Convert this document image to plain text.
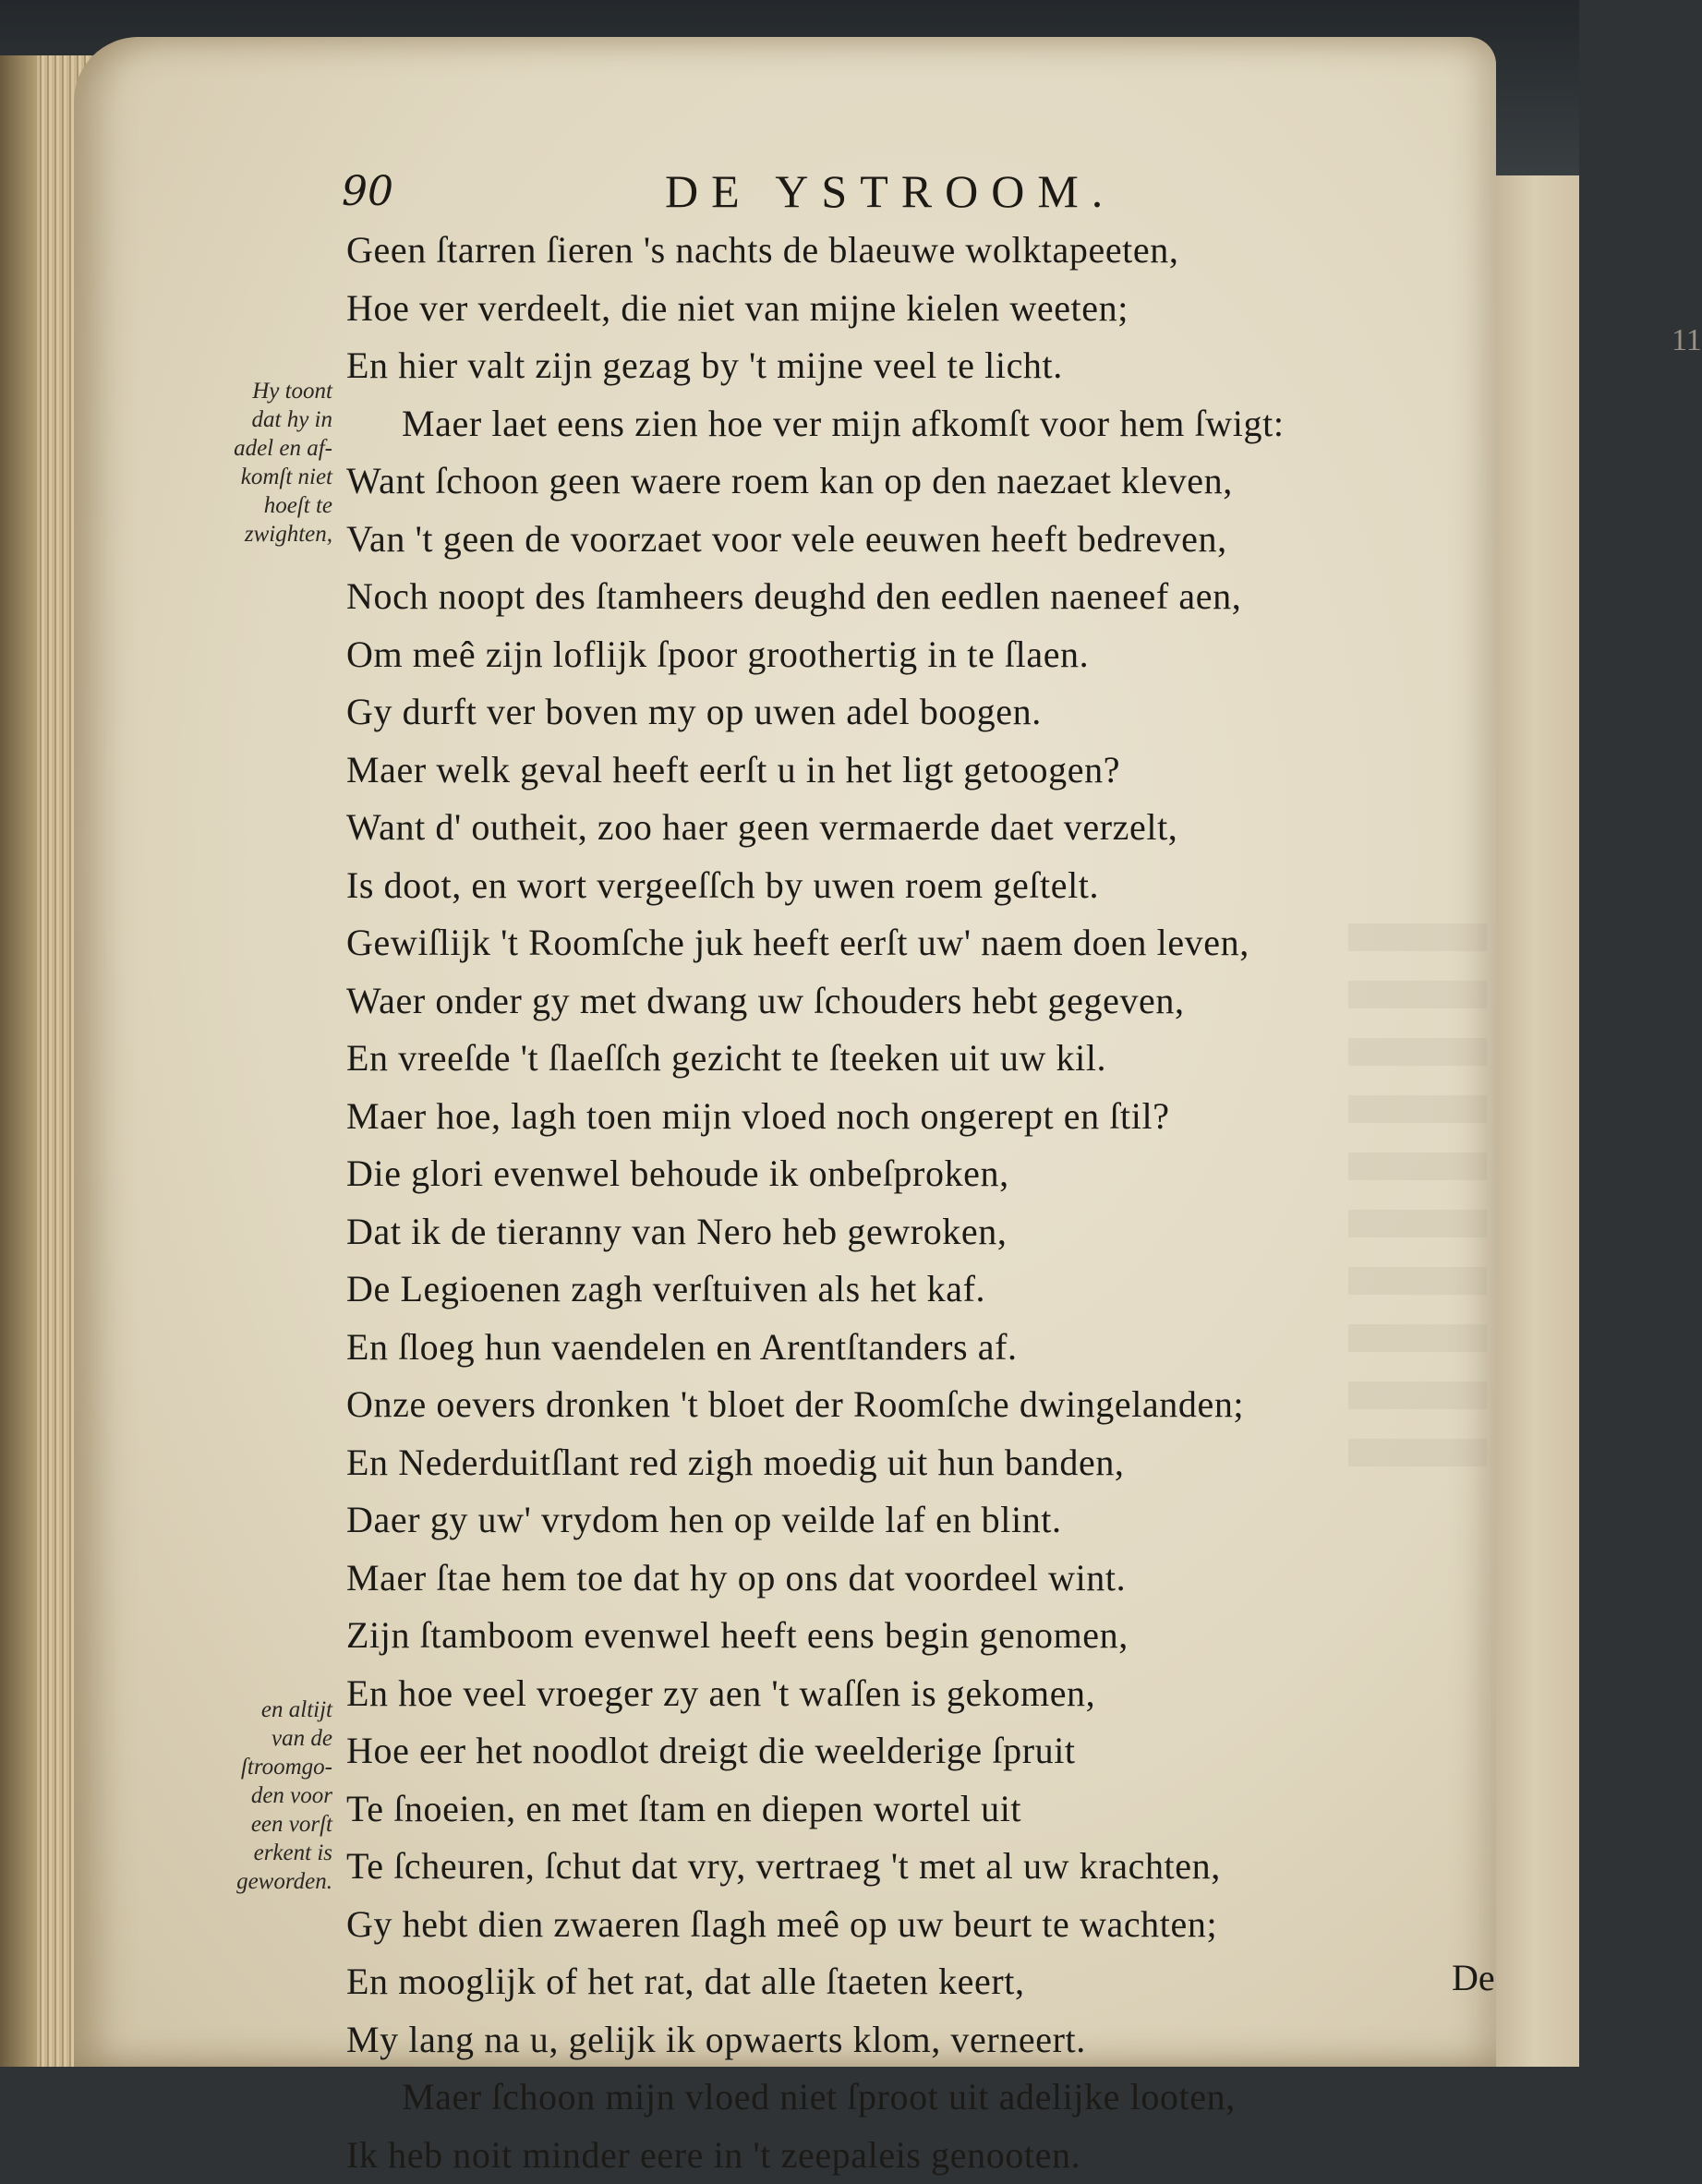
90	DE YSTROOM.
11
Geen ſtarren ſieren 's nachts de blaeuwe wolktapeeten,
Hoe ver verdeelt, die niet van mijne kielen weeten;
En hier valt zijn gezag by 't mijne veel te licht.
Maer laet eens zien hoe ver mijn afkomſt voor hem ſwigt:
Want ſchoon geen waere roem kan op den naezaet kleven,
Van 't geen de voorzaet voor vele eeuwen heeft bedreven,
Noch noopt des ſtamheers deughd den eedlen naeneef aen,
Om meê zijn loflijk ſpoor groothertig in te ſlaen.
Gy durft ver boven my op uwen adel boogen.
Maer welk geval heeft eerſt u in het ligt getoogen?
Want d' outheit, zoo haer geen vermaerde daet verzelt,
Is doot, en wort vergeeſſch by uwen roem geſtelt.
Gewiſlijk 't Roomſche juk heeft eerſt uw' naem doen leven,
Waer onder gy met dwang uw ſchouders hebt gegeven,
En vreeſde 't ſlaeſſch gezicht te ſteeken uit uw kil.
Maer hoe, lagh toen mijn vloed noch ongerept en ſtil?
Die glori evenwel behoude ik onbeſproken,
Dat ik de tieranny van Nero heb gewroken,
De Legioenen zagh verſtuiven als het kaf.
En ſloeg hun vaendelen en Arentſtanders af.
Onze oevers dronken 't bloet der Roomſche dwingelanden;
En Nederduitſlant red zigh moedig uit hun banden,
Daer gy uw' vrydom hen op veilde laf en blint.
Maer ſtae hem toe dat hy op ons dat voordeel wint.
Zijn ſtamboom evenwel heeft eens begin genomen,
En hoe veel vroeger zy aen 't waſſen is gekomen,
Hoe eer het noodlot dreigt die weelderige ſpruit
Te ſnoeien, en met ſtam en diepen wortel uit
Te ſcheuren, ſchut dat vry, vertraeg 't met al uw krachten,
Gy hebt dien zwaeren ſlagh meê op uw beurt te wachten;
En mooglijk of het rat, dat alle ſtaeten keert,
My lang na u, gelijk ik opwaerts klom, verneert.
Maer ſchoon mijn vloed niet ſproot uit adelijke looten,
Ik heb noit minder eere in 't zeepaleis genooten.
Hy toont
dat hy in
adel en af-
komſt niet
hoeſt te
zwighten,
en altijt
van de
ſtroomgo-
den voor
een vorſt
erkent is
geworden.
De
